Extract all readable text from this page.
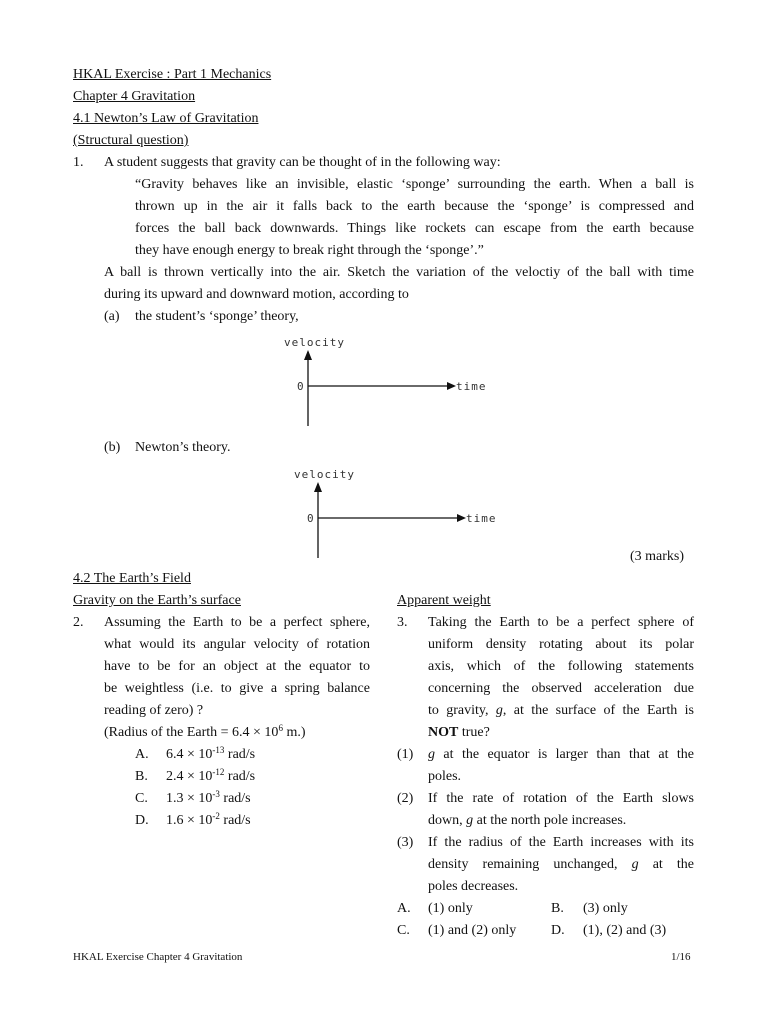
HKAL Exercise : Part 1 Mechanics
Chapter 4 Gravitation
4.1 Newton’s Law of Gravitation
(Structural question)
1. A student suggests that gravity can be thought of in the following way:
“Gravity behaves like an invisible, elastic ‘sponge’ surrounding the earth. When a ball is
thrown up in the air it falls back to the earth because the ‘sponge’ is compressed and
forces the ball back downwards. Things like rockets can escape from the earth because
they have enough energy to break right through the ‘sponge’.”
A ball is thrown vertically into the air. Sketch the variation of the veloctiy of the ball with time
during its upward and downward motion, according to
(a) the student’s ‘sponge’ theory,
velocity
0	time
(b) Newton’s theory.
velocity
0	time
(3 marks)
4.2 The Earth’s Field
Gravity on the Earth’s surface	Apparent weight
2. Assuming the Earth to be a perfect sphere,
what would its angular velocity of rotation
have to be for an object at the equator to
be weightless (i.e. to give a spring balance
reading of zero) ?
(Radius of the Earth = $6.4 \times 10^6$ m.)
A. $6.4 \times 10^{-13}$ rad/s
B. $2.4 \times 10^{-12}$ rad/s
C. $1.3 \times 10^{-3}$ rad/s
D. $1.6 \times 10^{-2}$ rad/s
3. Taking the Earth to be a perfect sphere of
uniform density rotating about its polar
axis, which of the following statements
concerning the observed acceleration due
to gravity, g, at the surface of the Earth is
NOT true?
(1) g at the equator is larger than that at the
poles.
(2) If the rate of rotation of the Earth slows
down, g at the north pole increases.
(3) If the radius of the Earth increases with its
density remaining unchanged, g at the
poles decreases.
A. (1) only	B. (3) only
C. (1) and (2) only D. (1), (2) and (3)
HKAL Exercise Chapter 4 Gravitation	1/16
